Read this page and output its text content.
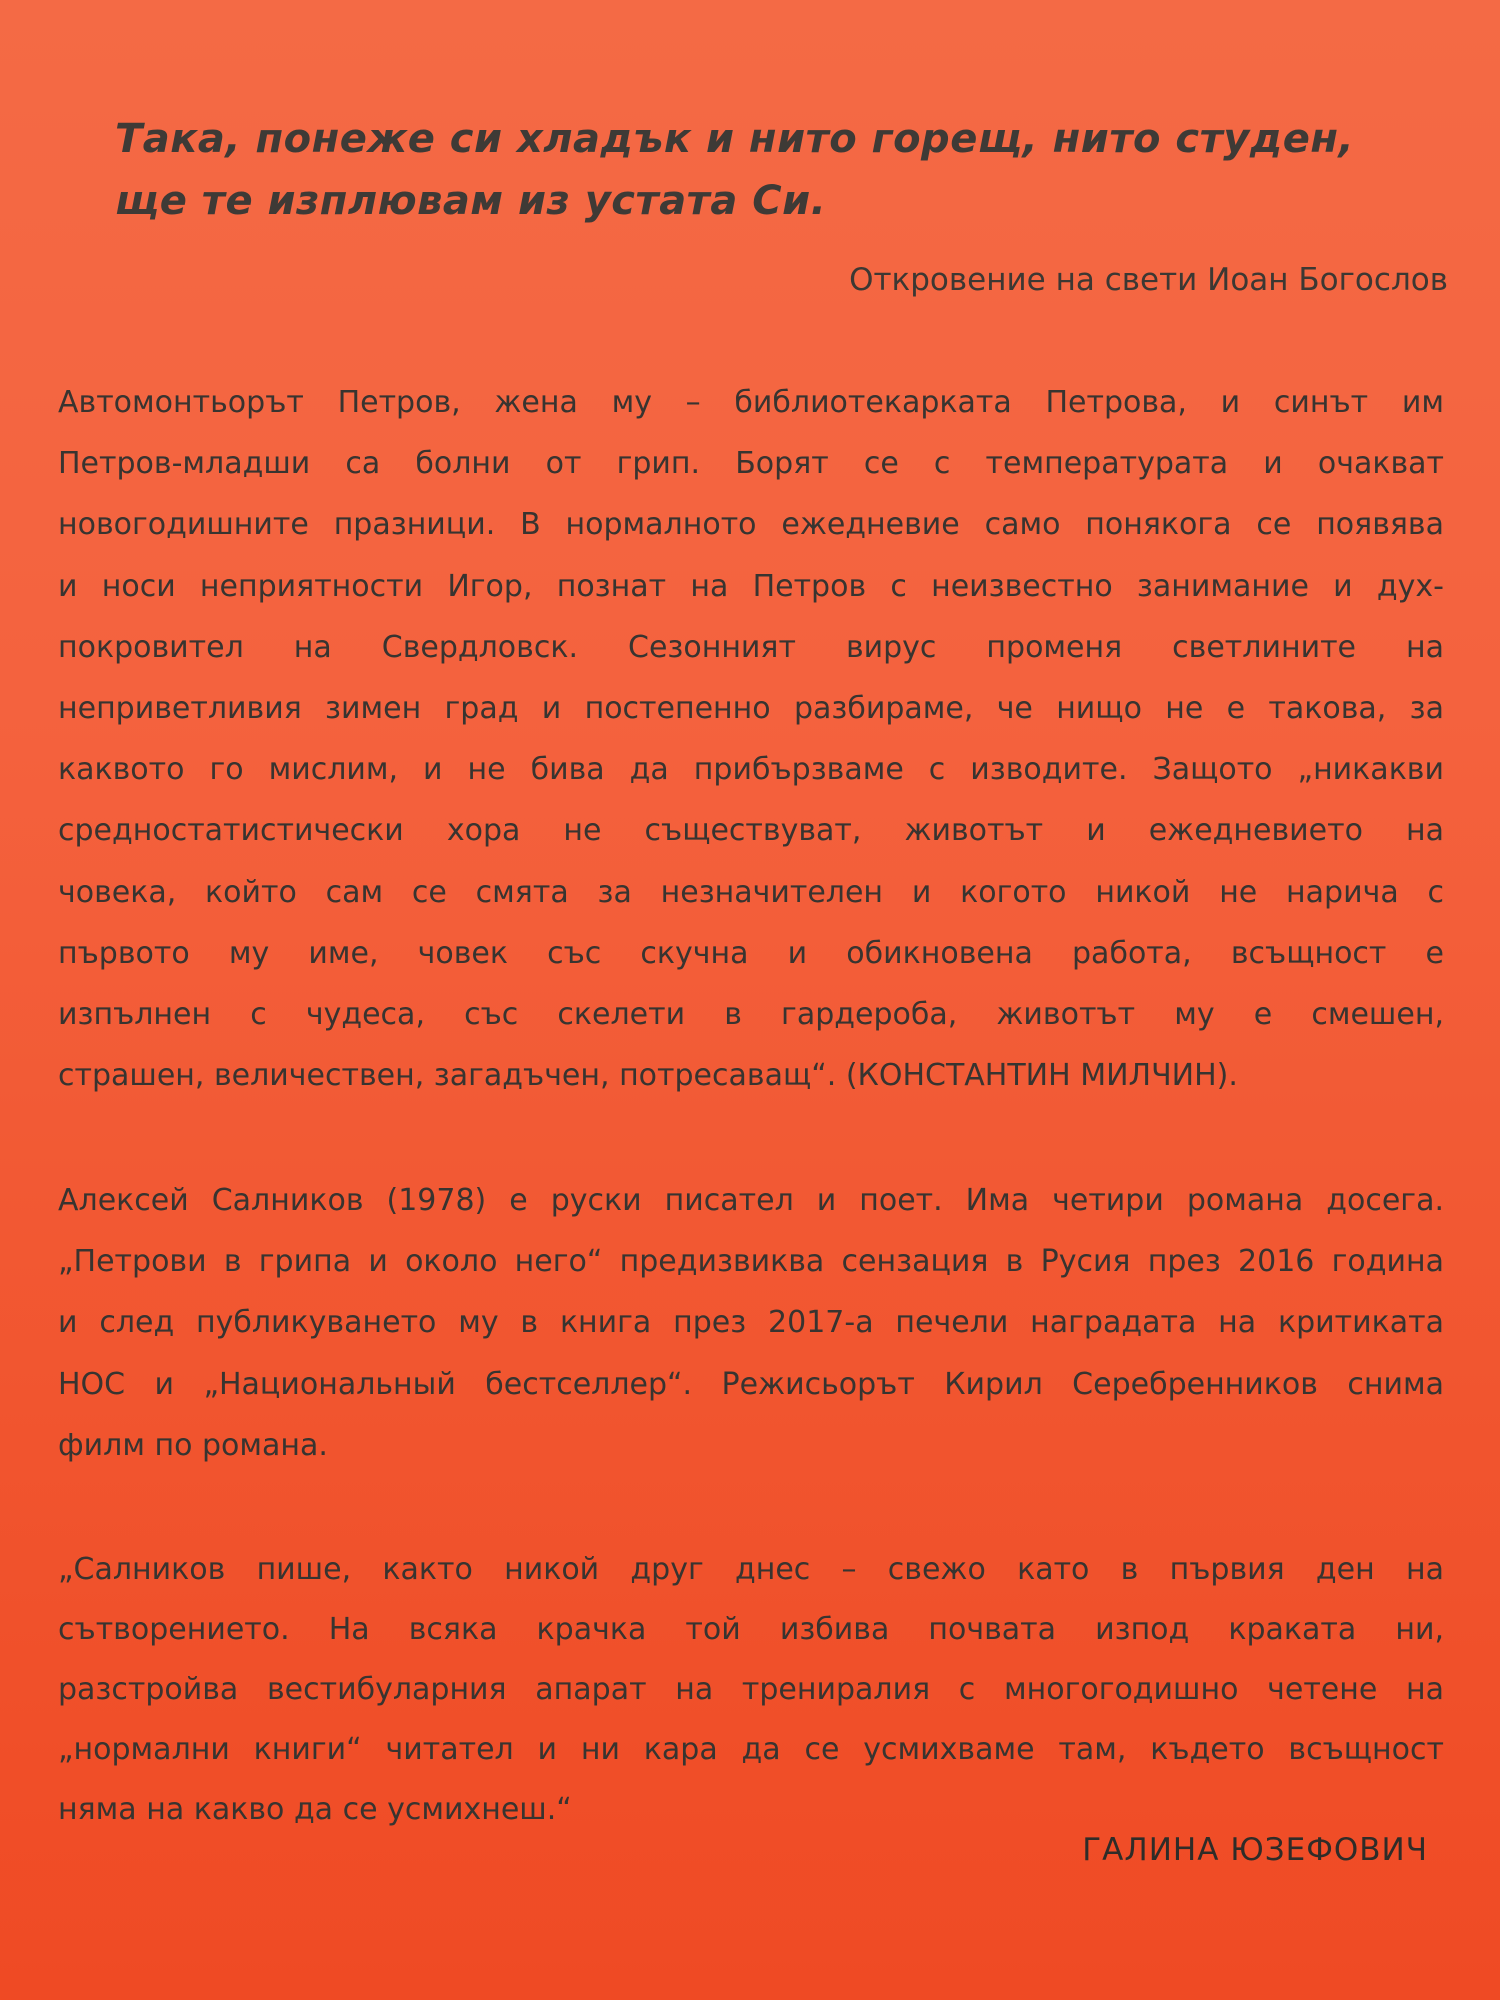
Така, понеже си хладък и нито горещ, нито студен,
ще те изплювам из устата Си.
Откровение на свети Иоан Богослов
Автомонтьорът Петров, жена му – библиотекарката Петрова, и синът им
Петров-младши са болни от грип. Борят се с температурата и очакват
новогодишните празници. В нормалното ежедневие само понякога се появява
и носи неприятности Игор, познат на Петров с неизвестно занимание и дух-
покровител на Свердловск. Сезонният вирус променя светлините на
неприветливия зимен град и постепенно разбираме, че нищо не е такова, за
каквото го мислим, и не бива да прибързваме с изводите. Защото „никакви
средностатистически хора не съществуват, животът и ежедневието на
човека, който сам се смята за незначителен и когото никой не нарича с
първото му име, човек със скучна и обикновена работа, всъщност е
изпълнен с чудеса, със скелети в гардероба, животът му е смешен,
страшен, величествен, загадъчен, потресаващ“. (КОНСТАНТИН МИЛЧИН).
Алексей Салников (1978) е руски писател и поет. Има четири романа досега.
„Петрови в грипа и около него“ предизвиква сензация в Русия през 2016 година
и след публикуването му в книга през 2017-а печели наградата на критиката
НОС и „Национальный бестселлер“. Режисьорът Кирил Серебренников снима
филм по романа.
„Салников пише, както никой друг днес – свежо като в първия ден на
сътворението. На всяка крачка той избива почвата изпод краката ни,
разстройва вестибуларния апарат на трениралия с многогодишно четене на
„нормални книги“ читател и ни кара да се усмихваме там, където всъщност
няма на какво да се усмихнеш.“
ГАЛИНА ЮЗЕФОВИЧ
